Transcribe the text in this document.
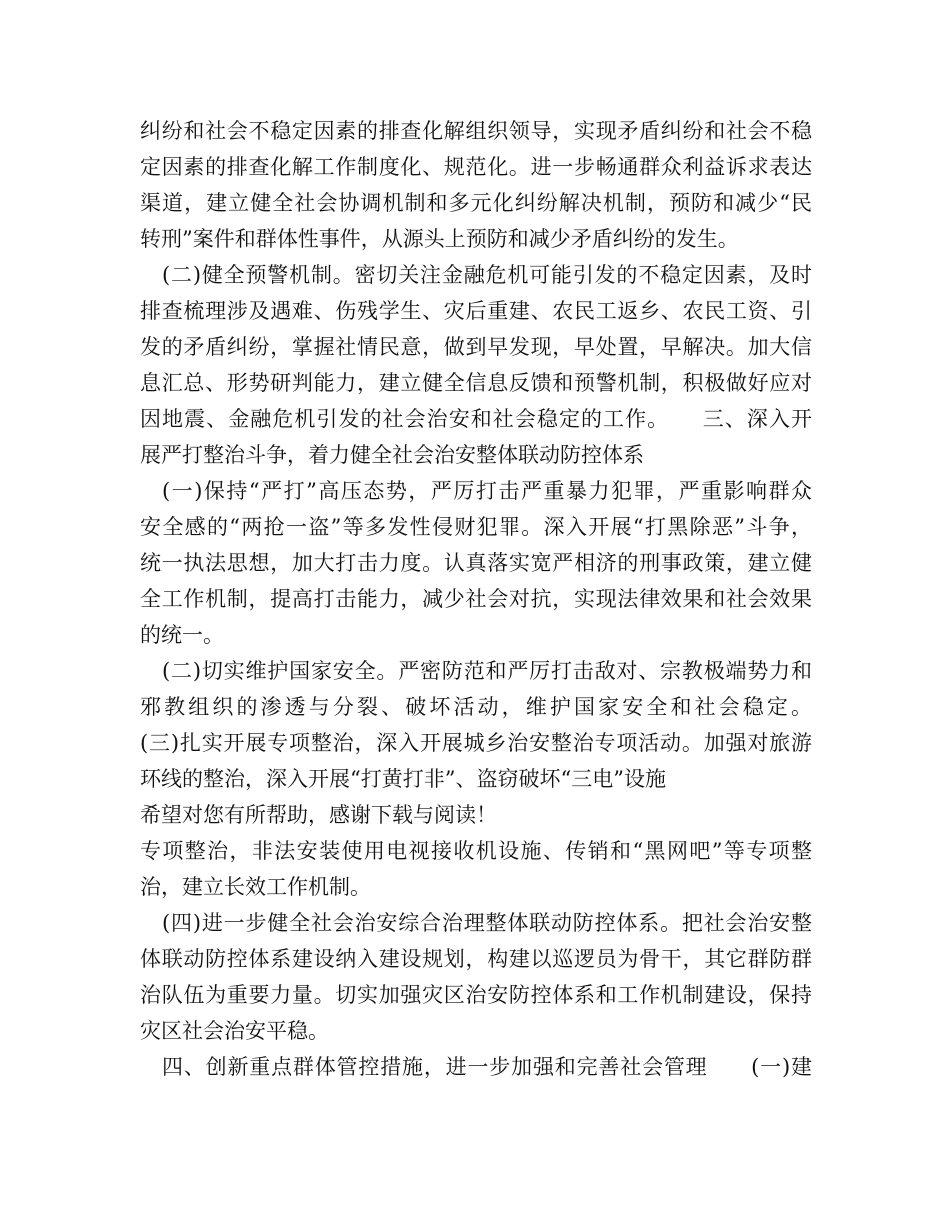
纠纷和社会不稳定因素的排查化解组织领导，实现矛盾纠纷和社会不稳
定因素的排查化解工作制度化、规范化。进一步畅通群众利益诉求表达
渠道，建立健全社会协调机制和多元化纠纷解决机制，预防和减少“民
转刑”案件和群体性事件，从源头上预防和减少矛盾纠纷的发生。
(二)健全预警机制。密切关注金融危机可能引发的不稳定因素，及时
排查梳理涉及遇难、伤残学生、灾后重建、农民工返乡、农民工资、引
发的矛盾纠纷，掌握社情民意，做到早发现，早处置，早解决。加大信
息汇总、形势研判能力，建立健全信息反馈和预警机制，积极做好应对
因地震、金融危机引发的社会治安和社会稳定的工作。　　三、深入开
展严打整治斗争，着力健全社会治安整体联动防控体系
(一)保持“严打”高压态势，严厉打击严重暴力犯罪，严重影响群众
安全感的“两抢一盗”等多发性侵财犯罪。深入开展“打黑除恶”斗争，
统一执法思想，加大打击力度。认真落实宽严相济的刑事政策，建立健
全工作机制，提高打击能力，减少社会对抗，实现法律效果和社会效果
的统一。
(二)切实维护国家安全。严密防范和严厉打击敌对、宗教极端势力和
邪教组织的渗透与分裂、破坏活动，维护国家安全和社会稳定。
(三)扎实开展专项整治，深入开展城乡治安整治专项活动。加强对旅游
环线的整治，深入开展“打黄打非”、盗窃破坏“三电”设施
希望对您有所帮助，感谢下载与阅读！
专项整治，非法安装使用电视接收机设施、传销和“黑网吧”等专项整
治，建立长效工作机制。
(四)进一步健全社会治安综合治理整体联动防控体系。把社会治安整
体联动防控体系建设纳入建设规划，构建以巡逻员为骨干，其它群防群
治队伍为重要力量。切实加强灾区治安防控体系和工作机制建设，保持
灾区社会治安平稳。
四、创新重点群体管控措施，进一步加强和完善社会管理　　(一)建
